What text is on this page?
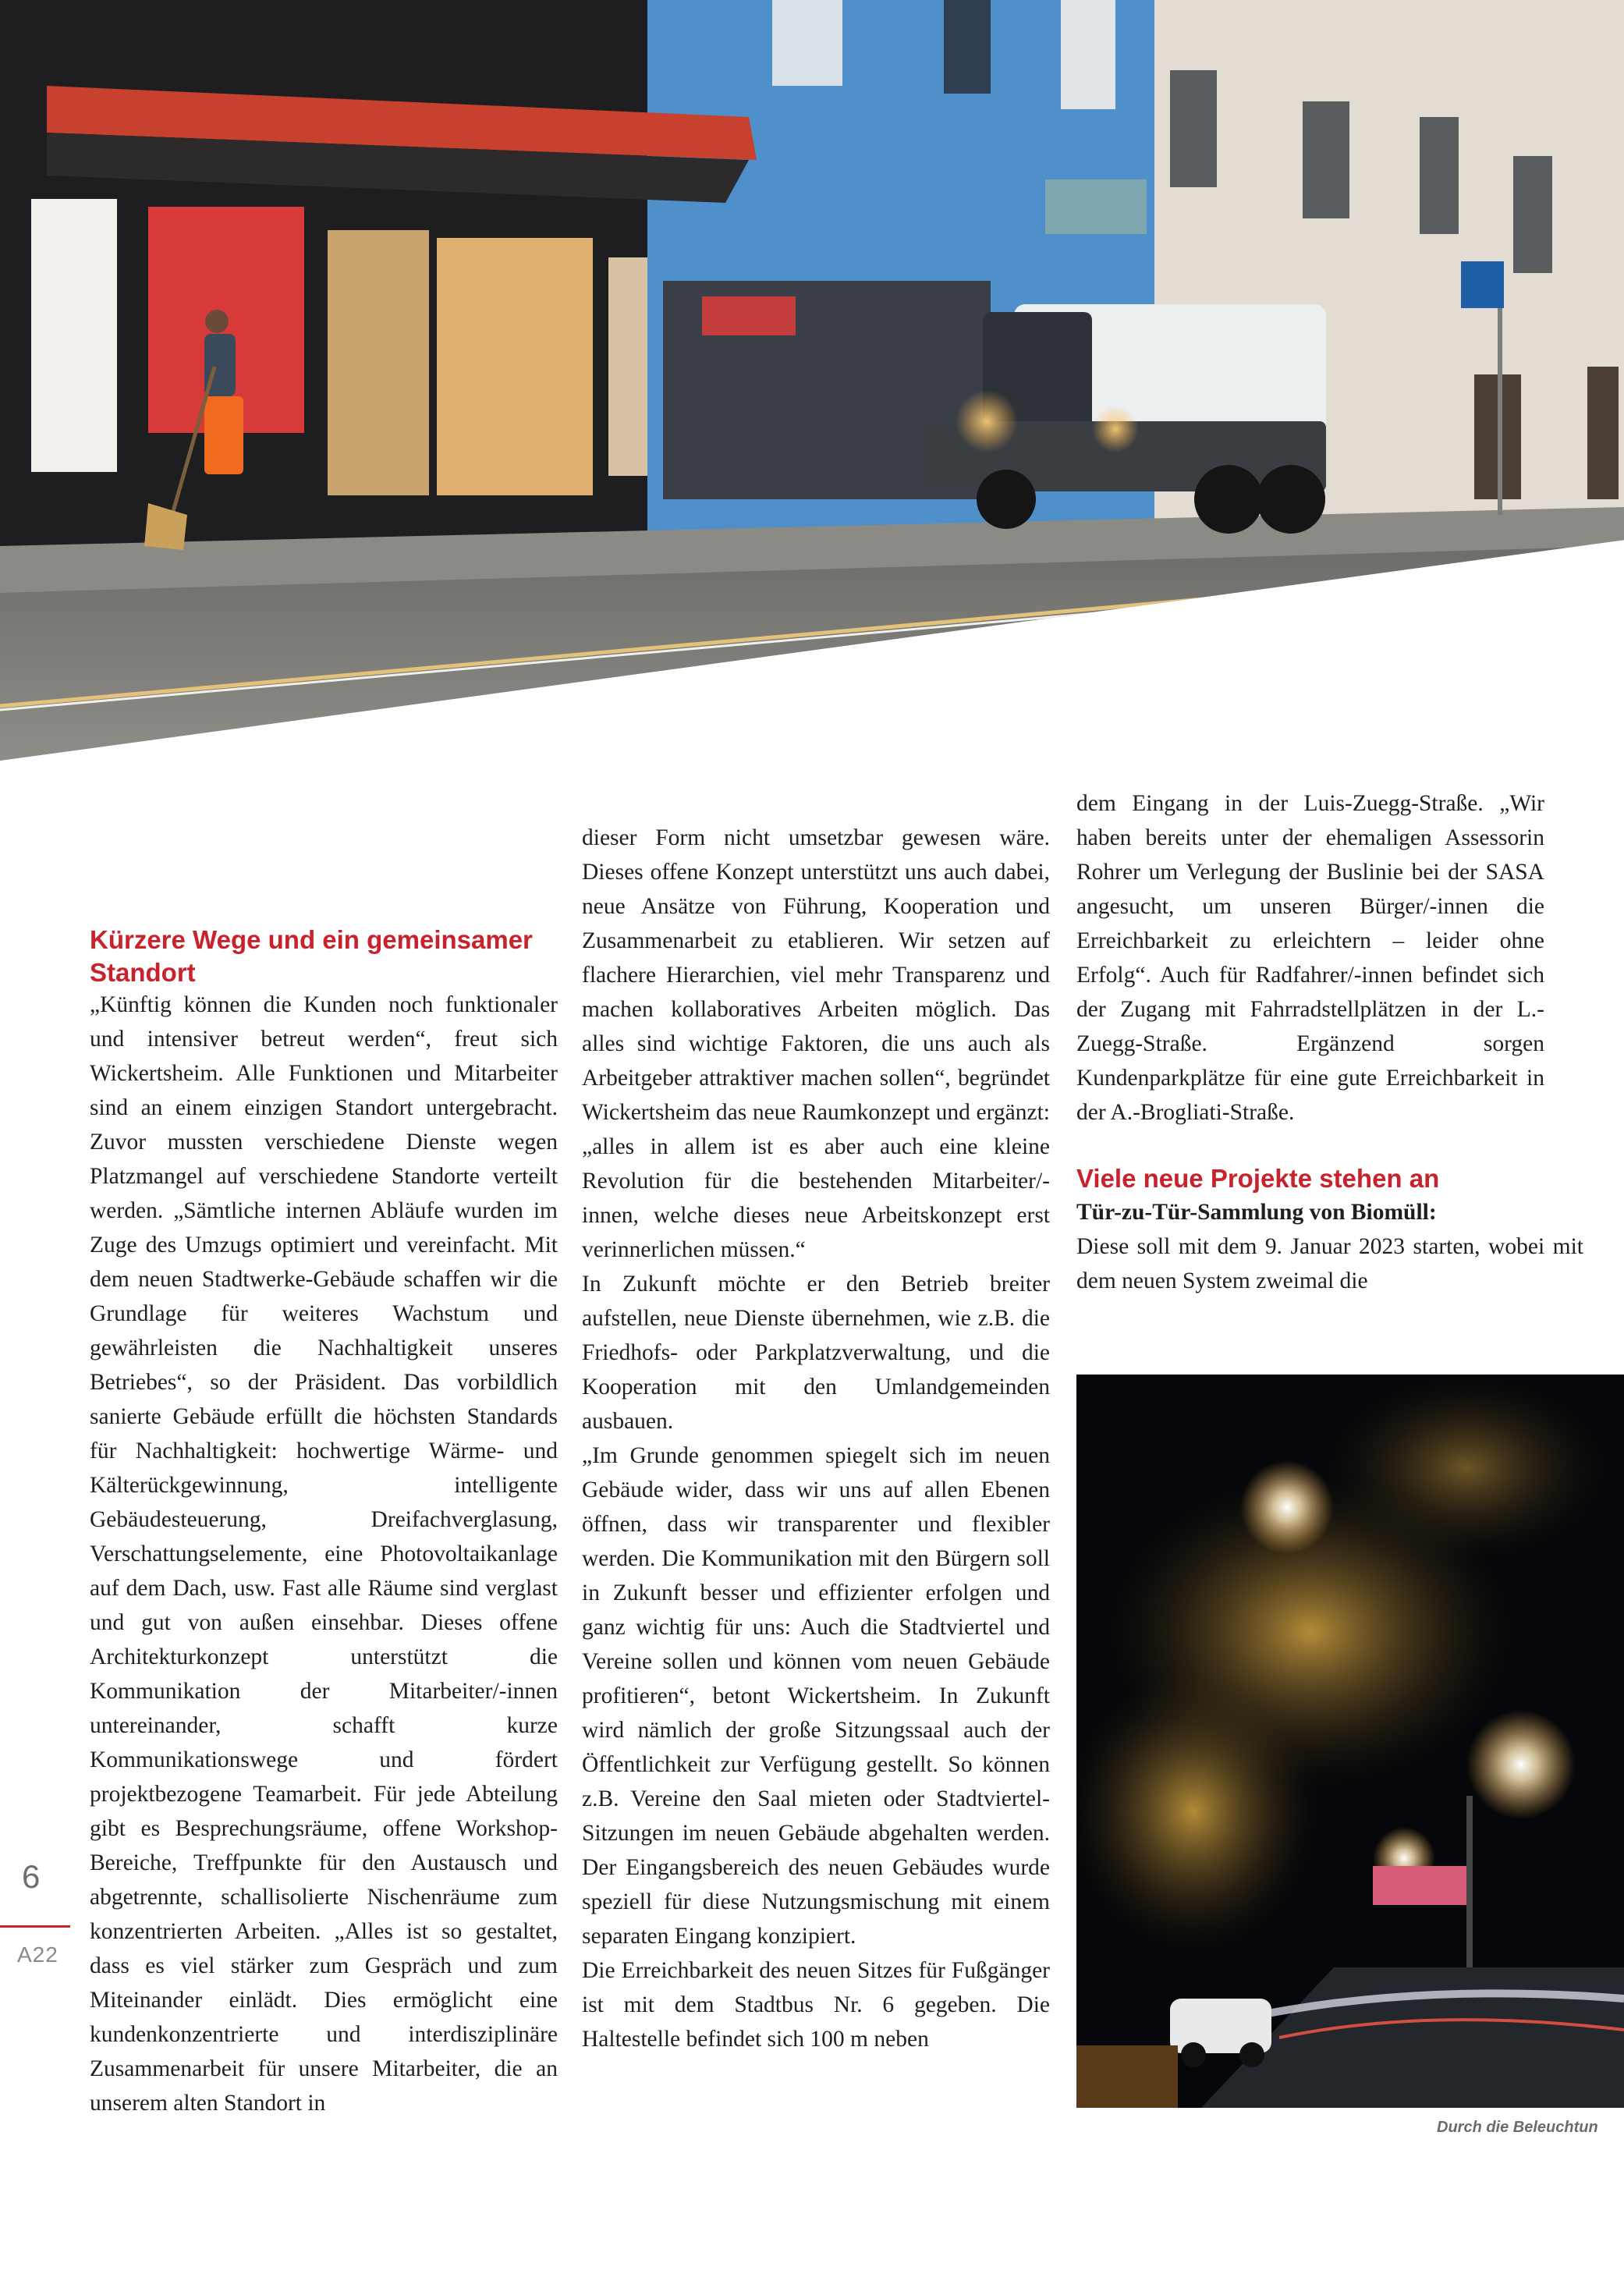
Kürzere Wege und ein gemeinsamer Standort

„Künftig können die Kunden noch funktionaler und intensiver betreut werden“, freut sich Wickertsheim. Alle Funktionen und Mitarbeiter sind an einem einzigen Standort untergebracht. Zuvor mussten verschiedene Dienste wegen Platzmangel auf verschiedene Standorte verteilt werden. „Sämtliche internen Abläufe wurden im Zuge des Umzugs optimiert und vereinfacht. Mit dem neuen Stadtwerke-Gebäude schaffen wir die Grundlage für weiteres Wachstum und gewährleisten die Nachhaltigkeit unseres Betriebes“, so der Präsident. Das vorbildlich sanierte Gebäude erfüllt die höchsten Standards für Nachhaltigkeit: hochwertige Wärme- und Kälterückgewinnung, intelligente Gebäudesteuerung, Dreifachverglasung, Verschattungselemente, eine Photovoltaikanlage auf dem Dach, usw. Fast alle Räume sind verglast und gut von außen einsehbar. Dieses offene Architekturkonzept unterstützt die Kommunikation der Mitarbeiter/-innen untereinander, schafft kurze Kommunikationswege und fördert projektbezogene Teamarbeit. Für jede Abteilung gibt es Besprechungsräume, offene Workshop-Bereiche, Treffpunkte für den Austausch und abgetrennte, schallisolierte Nischenräume zum konzentrierten Arbeiten. „Alles ist so gestaltet, dass es viel stärker zum Gespräch und zum Miteinander einlädt. Dies ermöglicht eine kundenkonzentrierte und interdisziplinäre Zusammenarbeit für unsere Mitarbeiter, die an unserem alten Standort in

dieser Form nicht umsetzbar gewesen wäre. Dieses offene Konzept unterstützt uns auch dabei, neue Ansätze von Führung, Kooperation und Zusammenarbeit zu etablieren. Wir setzen auf flachere Hierarchien, viel mehr Transparenz und machen kollaboratives Arbeiten möglich. Das alles sind wichtige Faktoren, die uns auch als Arbeitgeber attraktiver machen sollen“, begründet Wickertsheim das neue Raumkonzept und ergänzt: „alles in allem ist es aber auch eine kleine Revolution für die bestehenden Mitarbeiter/-innen, welche dieses neue Arbeitskonzept erst verinnerlichen müssen.“

In Zukunft möchte er den Betrieb breiter aufstellen, neue Dienste übernehmen, wie z.B. die Friedhofs- oder Parkplatzverwaltung, und die Kooperation mit den Umlandgemeinden ausbauen.

„Im Grunde genommen spiegelt sich im neuen Gebäude wider, dass wir uns auf allen Ebenen öffnen, dass wir transparenter und flexibler werden. Die Kommunikation mit den Bürgern soll in Zukunft besser und effizienter erfolgen und ganz wichtig für uns: Auch die Stadtviertel und Vereine sollen und können vom neuen Gebäude profitieren“, betont Wickertsheim. In Zukunft wird nämlich der große Sitzungssaal auch der Öffentlichkeit zur Verfügung gestellt. So können z.B. Vereine den Saal mieten oder Stadtviertel-Sitzungen im neuen Gebäude abgehalten werden. Der Eingangsbereich des neuen Gebäudes wurde speziell für diese Nutzungsmischung mit einem separaten Eingang konzipiert.

Die Erreichbarkeit des neuen Sitzes für Fußgänger ist mit dem Stadtbus Nr. 6 gegeben. Die Haltestelle befindet sich 100 m neben

dem Eingang in der Luis-Zuegg-Straße. „Wir haben bereits unter der ehemaligen Assessorin Rohrer um Verlegung der Buslinie bei der SASA angesucht, um unseren Bürger/-innen die Erreichbarkeit zu erleichtern – leider ohne Erfolg“. Auch für Radfahrer/-innen befindet sich der Zugang mit Fahrradstellplätzen in der L.-Zuegg-Straße. Ergänzend sorgen Kundenparkplätze für eine gute Erreichbarkeit in der A.-Brogliati-Straße.

Viele neue Projekte stehen an

Tür-zu-Tür-Sammlung von Biomüll:

Diese soll mit dem 9. Januar 2023 starten, wobei mit dem neuen System zweimal die

Durch die Beleuchtun
6
A22
